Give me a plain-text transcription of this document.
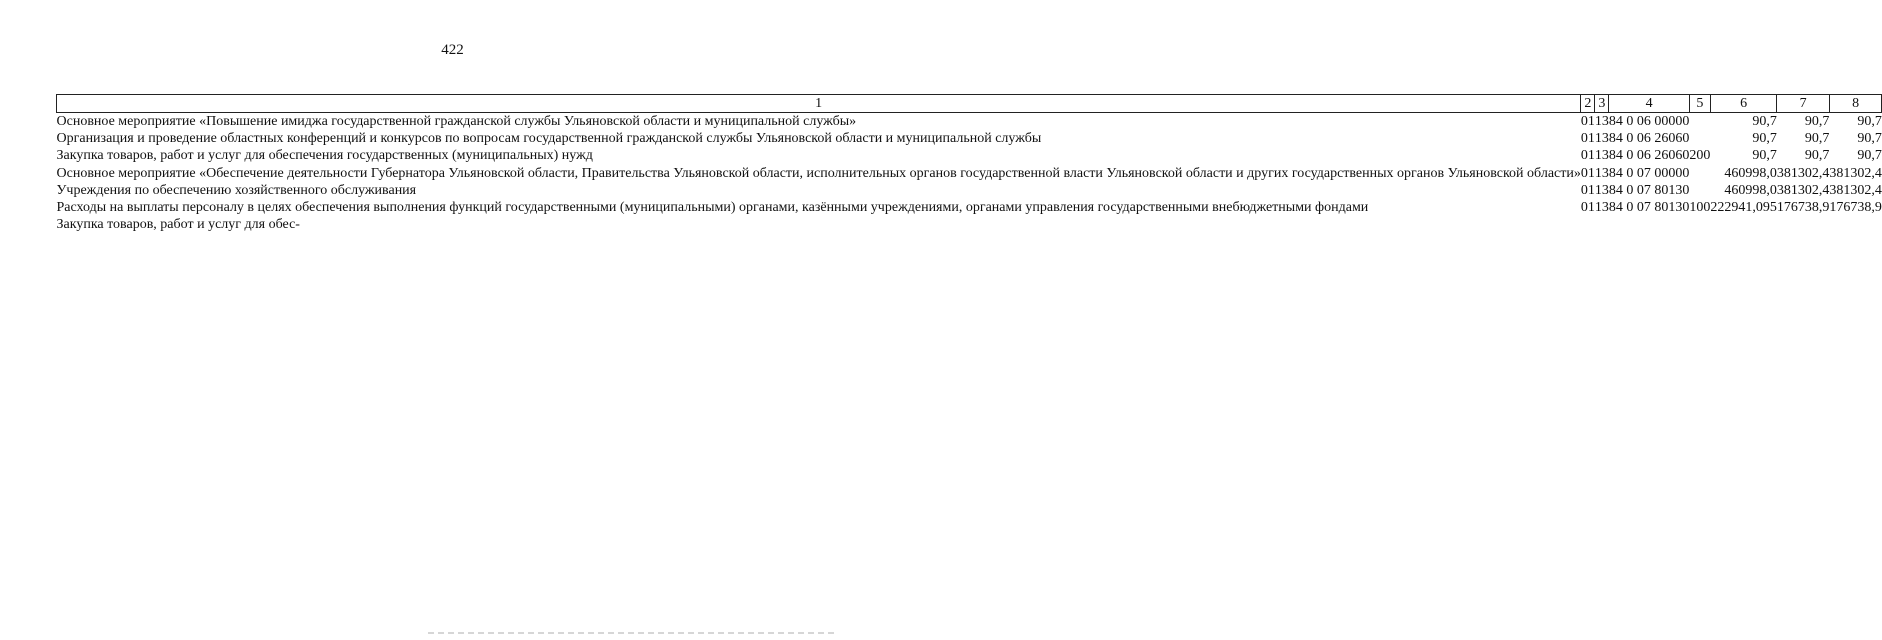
422
1	2	3	4	5	6	7	8
Основное мероприятие «Повышение имиджа государственной гражданской службы Ульяновской области и муниципальной службы»	01	13	84 0 06 00000		90,7	90,7	90,7
Организация и проведение областных конференций и конкурсов по вопросам государственной гражданской службы Ульяновской области и муниципальной службы	01	13	84 0 06 26060		90,7	90,7	90,7
Закупка товаров, работ и услуг для обеспечения государственных (муниципальных) нужд	01	13	84 0 06 26060	200	90,7	90,7	90,7
Основное мероприятие «Обеспечение деятельности Губернатора Ульяновской области, Правительства Ульяновской области, исполнительных органов государственной власти Ульяновской области и других государственных органов Ульяновской области»	01	13	84 0 07 00000		460998,0	381302,4	381302,4
Учреждения по обеспечению хозяйственного обслуживания	01	13	84 0 07 80130		460998,0	381302,4	381302,4
Расходы на выплаты персоналу в целях обеспечения выполнения функций государственными (муниципальными) органами, казёнными учреждениями, органами управления государственными внебюджетными фондами	01	13	84 0 07 80130	100	222941,095	176738,9	176738,9
Закупка товаров, работ и услуг для обес-							
